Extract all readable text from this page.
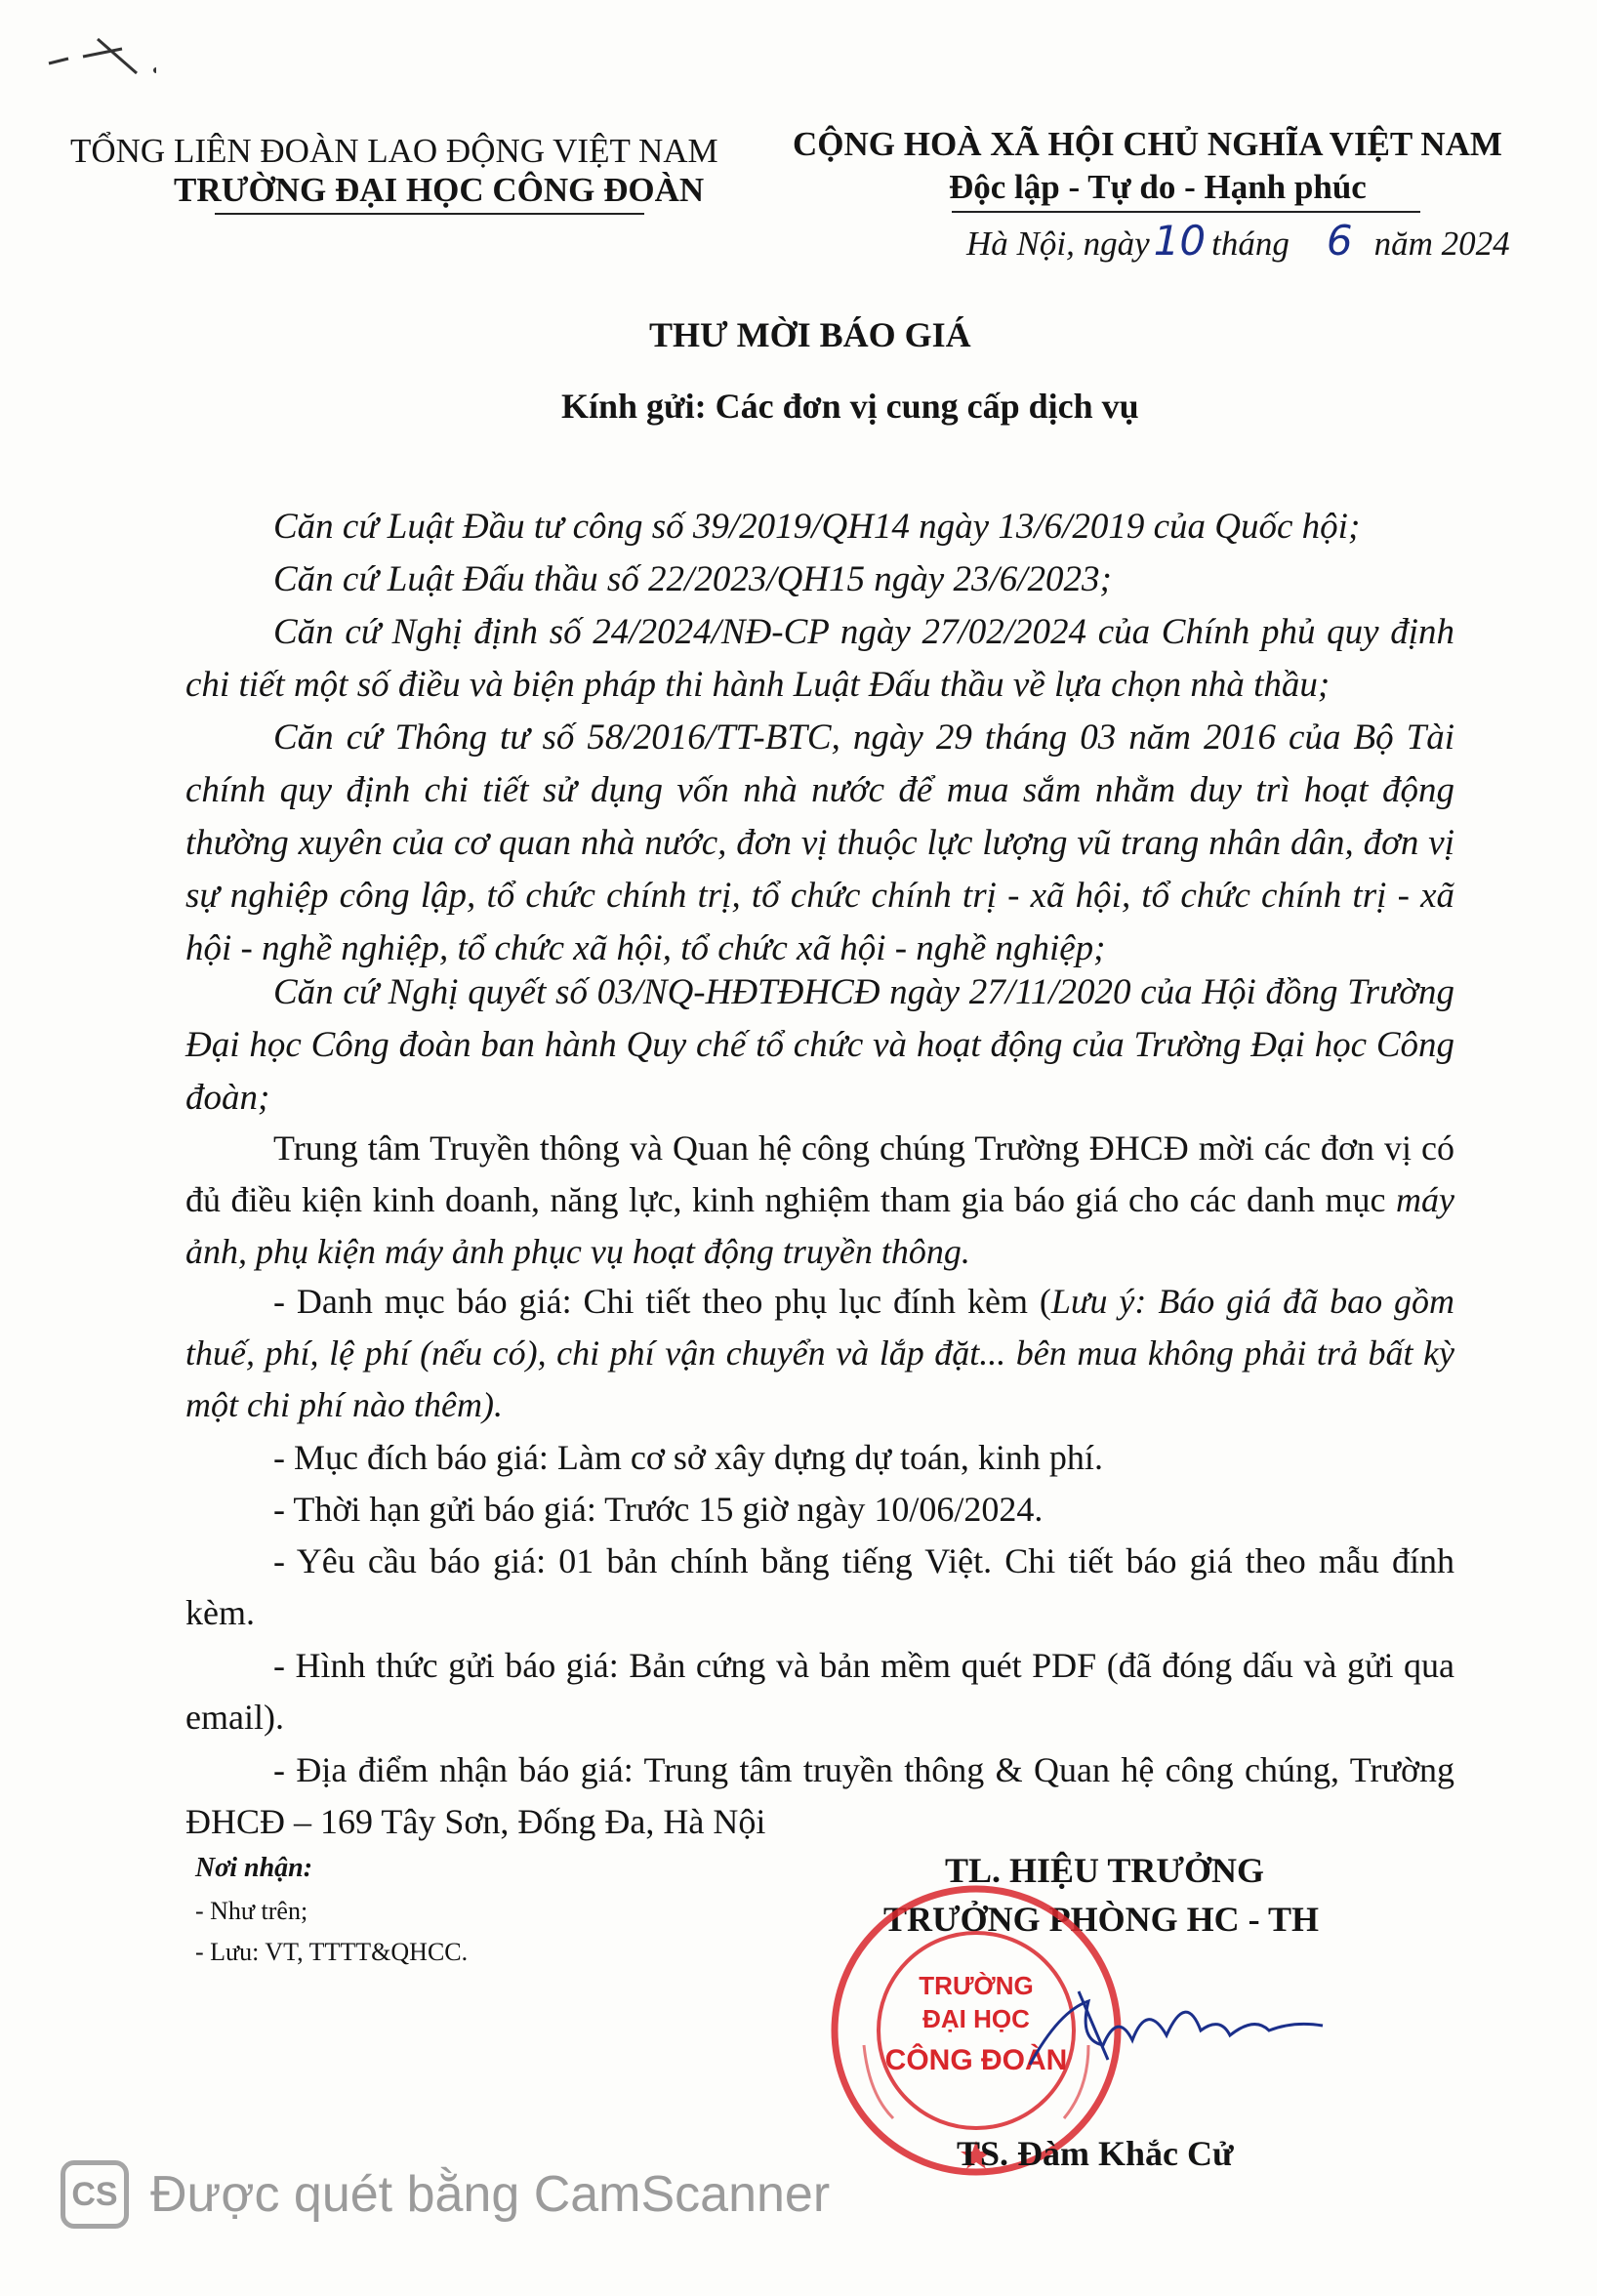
TỔNG LIÊN ĐOÀN LAO ĐỘNG VIỆT NAM
TRƯỜNG ĐẠI HỌC CÔNG ĐOÀN
CỘNG HOÀ XÃ HỘI CHỦ NGHĨA VIỆT NAM
Độc lập - Tự do - Hạnh phúc
Hà Nội, ngày10 tháng 6 năm 2024
THƯ MỜI BÁO GIÁ
Kính gửi: Các đơn vị cung cấp dịch vụ
Căn cứ Luật Đầu tư công số 39/2019/QH14 ngày 13/6/2019 của Quốc hội;
Căn cứ Luật Đấu thầu số 22/2023/QH15 ngày 23/6/2023;
Căn cứ Nghị định số 24/2024/NĐ-CP ngày 27/02/2024 của Chính phủ quy định chi tiết một số điều và biện pháp thi hành Luật Đấu thầu về lựa chọn nhà thầu;
Căn cứ Thông tư số 58/2016/TT-BTC, ngày 29 tháng 03 năm 2016 của Bộ Tài chính quy định chi tiết sử dụng vốn nhà nước để mua sắm nhằm duy trì hoạt động thường xuyên của cơ quan nhà nước, đơn vị thuộc lực lượng vũ trang nhân dân, đơn vị sự nghiệp công lập, tổ chức chính trị, tổ chức chính trị - xã hội, tổ chức chính trị - xã hội - nghề nghiệp, tổ chức xã hội, tổ chức xã hội - nghề nghiệp;
Căn cứ Nghị quyết số 03/NQ-HĐTĐHCĐ ngày 27/11/2020 của Hội đồng Trường Đại học Công đoàn ban hành Quy chế tổ chức và hoạt động của Trường Đại học Công đoàn;
Trung tâm Truyền thông và Quan hệ công chúng Trường ĐHCĐ mời các đơn vị có đủ điều kiện kinh doanh, năng lực, kinh nghiệm tham gia báo giá cho các danh mục máy ảnh, phụ kiện máy ảnh phục vụ hoạt động truyền thông.
- Danh mục báo giá: Chi tiết theo phụ lục đính kèm (Lưu ý: Báo giá đã bao gồm thuế, phí, lệ phí (nếu có), chi phí vận chuyển và lắp đặt... bên mua không phải trả bất kỳ một chi phí nào thêm).
- Mục đích báo giá: Làm cơ sở xây dựng dự toán, kinh phí.
- Thời hạn gửi báo giá: Trước 15 giờ ngày 10/06/2024.
- Yêu cầu báo giá: 01 bản chính bằng tiếng Việt. Chi tiết báo giá theo mẫu đính kèm.
- Hình thức gửi báo giá: Bản cứng và bản mềm quét PDF (đã đóng dấu và gửi qua email).
- Địa điểm nhận báo giá: Trung tâm truyền thông & Quan hệ công chúng, Trường ĐHCĐ – 169 Tây Sơn, Đống Đa, Hà Nội
Nơi nhận:
- Như trên;
- Lưu: VT, TTTT&QHCC.
TL. HIỆU TRƯỞNG
TRƯỞNG PHÒNG HC - TH
TRƯỜNG
ĐẠI HỌC
CÔNG ĐOÀN
TS. Đàm Khắc Cử
CS Được quét bằng CamScanner
